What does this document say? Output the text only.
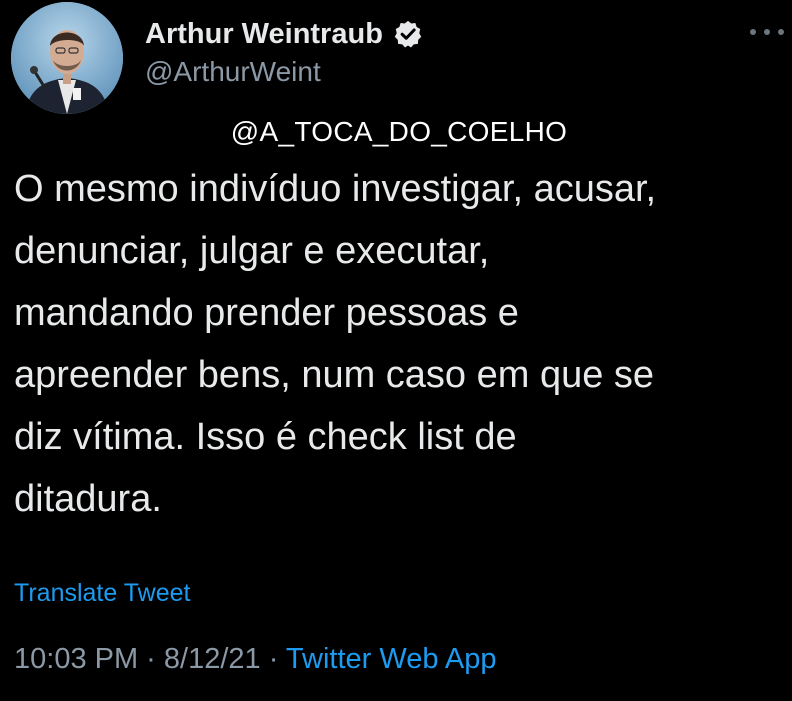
Arthur Weintraub
@ArthurWeint
@A_TOCA_DO_COELHO

O mesmo indivíduo investigar, acusar,
denunciar, julgar e executar,
mandando prender pessoas e
apreender bens, num caso em que se
diz vítima. Isso é check list de
ditadura.

Translate Tweet
10:03 PM · 8/12/21 · Twitter Web App
